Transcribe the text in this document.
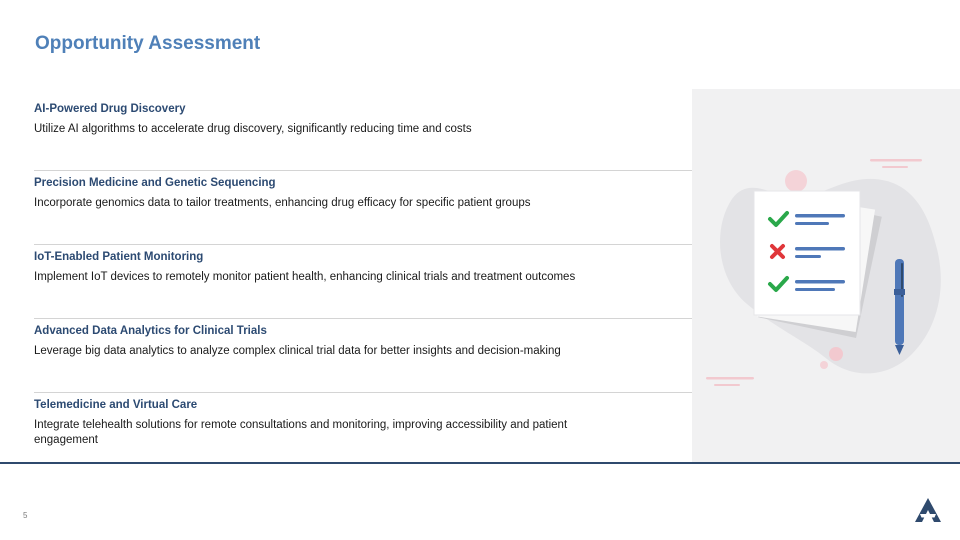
Opportunity Assessment
AI-Powered Drug Discovery
Utilize AI algorithms to accelerate drug discovery, significantly reducing time and costs
Precision Medicine and Genetic Sequencing
Incorporate genomics data to tailor treatments, enhancing drug efficacy for specific patient groups
IoT-Enabled Patient Monitoring
Implement IoT devices to remotely monitor patient health, enhancing clinical trials and treatment outcomes
Advanced Data Analytics for Clinical Trials
Leverage big data analytics to analyze complex clinical trial data for better insights and decision-making
Telemedicine and Virtual Care
Integrate telehealth solutions for remote consultations and monitoring, improving accessibility and patient engagement
5
